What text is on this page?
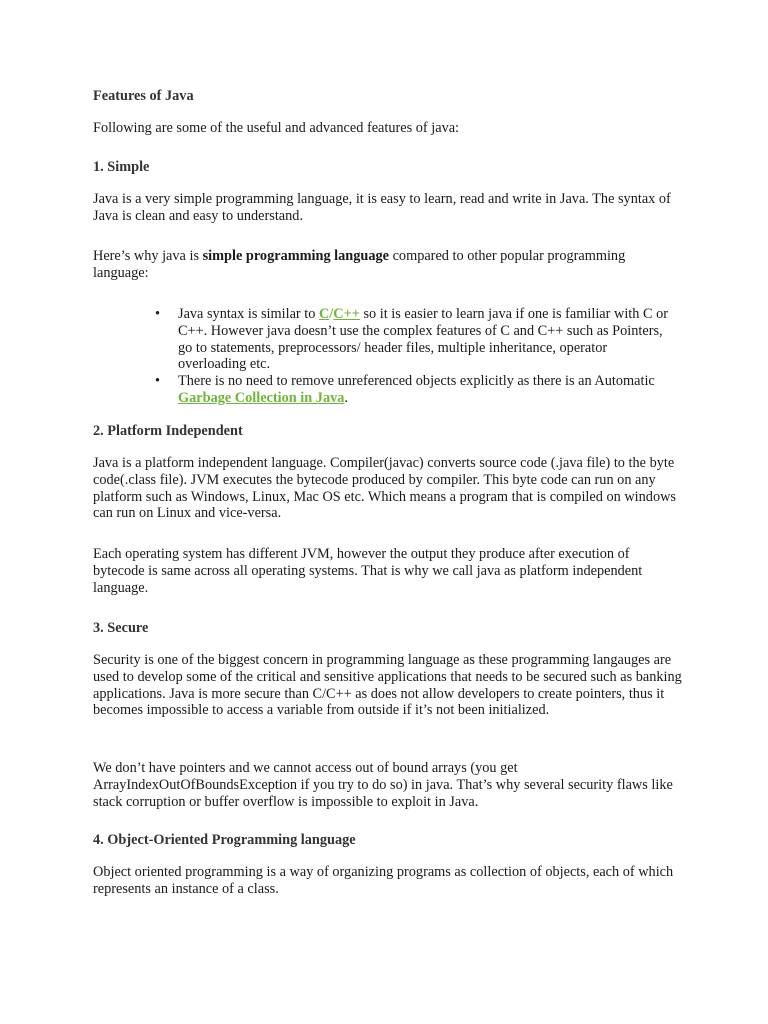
Features of Java

Following are some of the useful and advanced features of java:

1. Simple

Java is a very simple programming language, it is easy to learn, read and write in Java. The syntax of Java is clean and easy to understand.

Here’s why java is simple programming language compared to other popular programming language:

• Java syntax is similar to C/C++ so it is easier to learn java if one is familiar with C or C++. However java doesn’t use the complex features of C and C++ such as Pointers, go to statements, preprocessors/ header files, multiple inheritance, operator overloading etc.
• There is no need to remove unreferenced objects explicitly as there is an Automatic Garbage Collection in Java.

2. Platform Independent

Java is a platform independent language. Compiler(javac) converts source code (.java file) to the byte code(.class file). JVM executes the bytecode produced by compiler. This byte code can run on any platform such as Windows, Linux, Mac OS etc. Which means a program that is compiled on windows can run on Linux and vice-versa.

Each operating system has different JVM, however the output they produce after execution of bytecode is same across all operating systems. That is why we call java as platform independent language.

3. Secure

Security is one of the biggest concern in programming language as these programming langauges are used to develop some of the critical and sensitive applications that needs to be secured such as banking applications. Java is more secure than C/C++ as does not allow developers to create pointers, thus it becomes impossible to access a variable from outside if it’s not been initialized.

We don’t have pointers and we cannot access out of bound arrays (you get ArrayIndexOutOfBoundsException if you try to do so) in java. That’s why several security flaws like stack corruption or buffer overflow is impossible to exploit in Java.

4. Object-Oriented Programming language

Object oriented programming is a way of organizing programs as collection of objects, each of which represents an instance of a class.
